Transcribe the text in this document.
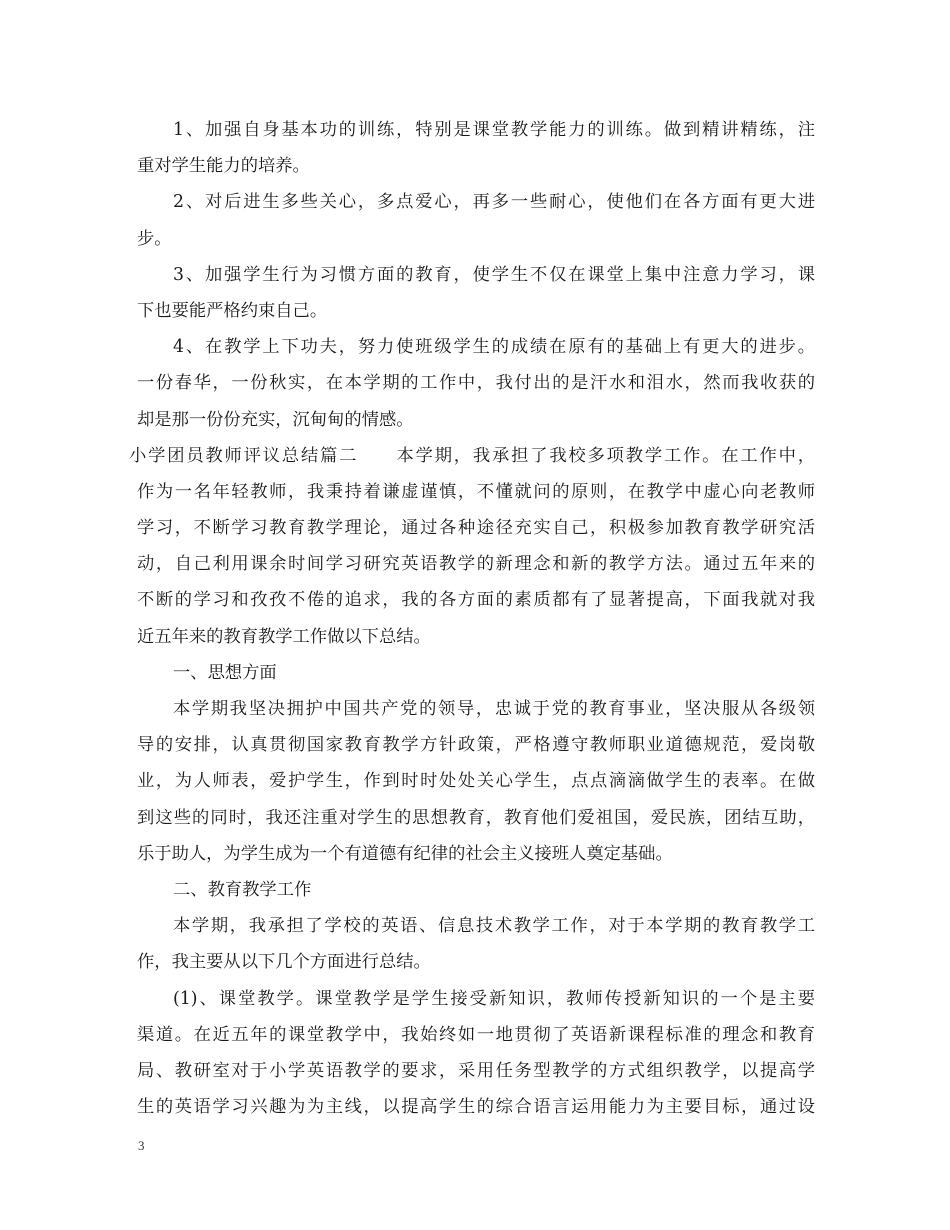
1、加强自身基本功的训练，特别是课堂教学能力的训练。做到精讲精练，注
重对学生能力的培养。
2、对后进生多些关心，多点爱心，再多一些耐心，使他们在各方面有更大进
步。
3、加强学生行为习惯方面的教育，使学生不仅在课堂上集中注意力学习，课
下也要能严格约束自己。
4、在教学上下功夫，努力使班级学生的成绩在原有的基础上有更大的进步。
一份春华，一份秋实，在本学期的工作中，我付出的是汗水和泪水，然而我收获的
却是那一份份充实，沉甸甸的情感。
小学团员教师评议总结篇二　　本学期，我承担了我校多项教学工作。在工作中，
作为一名年轻教师，我秉持着谦虚谨慎，不懂就问的原则，在教学中虚心向老教师
学习，不断学习教育教学理论，通过各种途径充实自己，积极参加教育教学研究活
动，自己利用课余时间学习研究英语教学的新理念和新的教学方法。通过五年来的
不断的学习和孜孜不倦的追求，我的各方面的素质都有了显著提高，下面我就对我
近五年来的教育教学工作做以下总结。
一、思想方面
本学期我坚决拥护中国共产党的领导，忠诚于党的教育事业，坚决服从各级领
导的安排，认真贯彻国家教育教学方针政策，严格遵守教师职业道德规范，爱岗敬
业，为人师表，爱护学生，作到时时处处关心学生，点点滴滴做学生的表率。在做
到这些的同时，我还注重对学生的思想教育，教育他们爱祖国，爱民族，团结互助，
乐于助人，为学生成为一个有道德有纪律的社会主义接班人奠定基础。
二、教育教学工作
本学期，我承担了学校的英语、信息技术教学工作，对于本学期的教育教学工
作，我主要从以下几个方面进行总结。
(1)、课堂教学。课堂教学是学生接受新知识，教师传授新知识的一个是主要
渠道。在近五年的课堂教学中，我始终如一地贯彻了英语新课程标准的理念和教育
局、教研室对于小学英语教学的要求，采用任务型教学的方式组织教学，以提高学
生的英语学习兴趣为为主线，以提高学生的综合语言运用能力为主要目标，通过设
3
